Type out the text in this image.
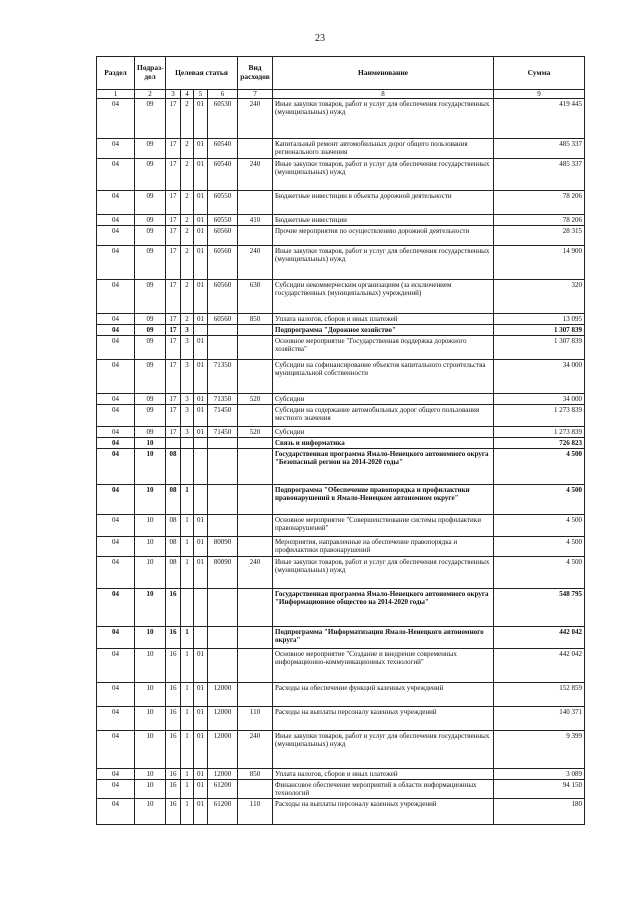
23
Раздел	Подраз-дел	Целевая статья				Вид расходов	Наименование	Сумма
1	2	3	4	5	6	7	8	9
04	09	17	2	01	60530	240	Иные закупки товаров, работ и услуг для обеспечения государственных (муниципальных) нужд	419 445
04	09	17	2	01	60540		Капитальный ремонт автомобильных дорог общего пользования регионального значения	485 337
04	09	17	2	01	60540	240	Иные закупки товаров, работ и услуг для обеспечения государственных (муниципальных) нужд	485 337
04	09	17	2	01	60550		Бюджетные инвестиции в объекты дорожной деятельности	78 206
04	09	17	2	01	60550	410	Бюджетные инвестиции	78 206
04	09	17	2	01	60560		Прочие мероприятия по осуществлению дорожной деятельности	28 315
04	09	17	2	01	60560	240	Иные закупки товаров, работ и услуг для обеспечения государственных (муниципальных) нужд	14 900
04	09	17	2	01	60560	630	Субсидии некоммерческим организациям (за исключением государственных (муниципальных) учреждений)	320
04	09	17	2	01	60560	850	Уплата налогов, сборов и иных платежей	13 095
04	09	17	3				Подпрограмма "Дорожное хозяйство"	1 307 839
04	09	17	3	01			Основное мероприятие "Государственная поддержка дорожного хозяйства"	1 307 839
04	09	17	3	01	71350		Субсидии на софинансирование объектов капитального строительства муниципальной собственности	34 000
04	09	17	3	01	71350	520	Субсидии	34 000
04	09	17	3	01	71450		Субсидии на содержание автомобильных дорог общего пользования местного значения	1 273 839
04	09	17	3	01	71450	520	Субсидии	1 273 839
04	10						Связь и информатика	726 823
04	10	08					Государственная программа Ямало-Ненецкого автономного округа "Безопасный регион на 2014-2020 годы"	4 500
04	10	08	1				Подпрограмма "Обеспечение правопорядка и профилактики правонарушений в Ямало-Ненецком автономном округе"	4 500
04	10	08	1	01			Основное мероприятие "Совершенствование системы профилактики правонарушений"	4 500
04	10	08	1	01	80090		Мероприятия, направленные на обеспечение правопорядка и профилактики правонарушений	4 500
04	10	08	1	01	80090	240	Иные закупки товаров, работ и услуг для обеспечения государственных (муниципальных) нужд	4 500
04	10	16					Государственная программа Ямало-Ненецкого автономного округа "Информационное общество на 2014-2020 годы"	548 795
04	10	16	1				Подпрограмма "Информатизация Ямало-Ненецкого автономного округа"	442 042
04	10	16	1	01			Основное мероприятие "Создание и внедрение современных информационно-коммуникационных технологий"	442 042
04	10	16	1	01	12000		Расходы на обеспечение функций казенных учреждений	152 859
04	10	16	1	01	12000	110	Расходы на выплаты персоналу казенных учреждений	140 371
04	10	16	1	01	12000	240	Иные закупки товаров, работ и услуг для обеспечения государственных (муниципальных) нужд	9 399
04	10	16	1	01	12000	850	Уплата налогов, сборов и иных платежей	3 089
04	10	16	1	01	61200		Финансовое обеспечение мероприятий в области информационных технологий	94 150
04	10	16	1	01	61200	110	Расходы на выплаты персоналу казенных учреждений	180
